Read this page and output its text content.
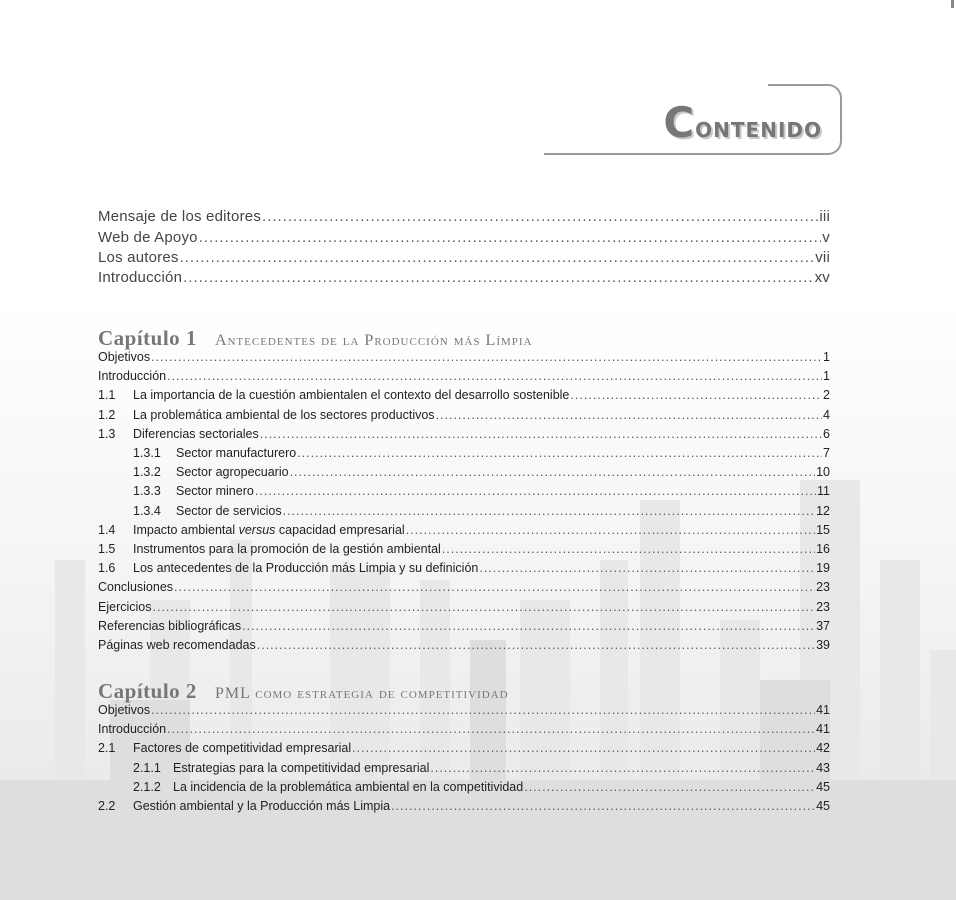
Contenido
Mensaje de los editores .....	iii
Web de Apoyo .....	v
Los autores .....	vii
Introducción .....	xv
Capítulo 1 Antecedentes de la Producción más Límpia
Objetivos .....	1
Introducción .....	1
1.1	La importancia de la cuestión ambientalen el contexto del desarrollo sostenible .....	2
1.2	La problemática ambiental de los sectores productivos .....	4
1.3	Diferencias sectoriales .....	6
1.3.1	Sector manufacturero .....	7
1.3.2	Sector agropecuario .....	10
1.3.3	Sector minero .....	11
1.3.4	Sector de servicios .....	12
1.4	Impacto ambiental versus capacidad empresarial .....	15
1.5	Instrumentos para la promoción de la gestión ambiental .....	16
1.6	Los antecedentes de la Producción más Limpia y su definición .....	19
Conclusiones .....	23
Ejercicios .....	23
Referencias bibliográficas .....	37
Páginas web recomendadas .....	39
Capítulo 2 PML como estrategia de competitividad
Objetivos .....	41
Introducción .....	41
2.1	Factores de competitividad empresarial .....	42
2.1.1 Estrategias para la competitividad empresarial .....	43
2.1.2 La incidencia de la problemática ambiental en la competitividad .....	45
2.2	Gestión ambiental y la Producción más Limpia .....	45
